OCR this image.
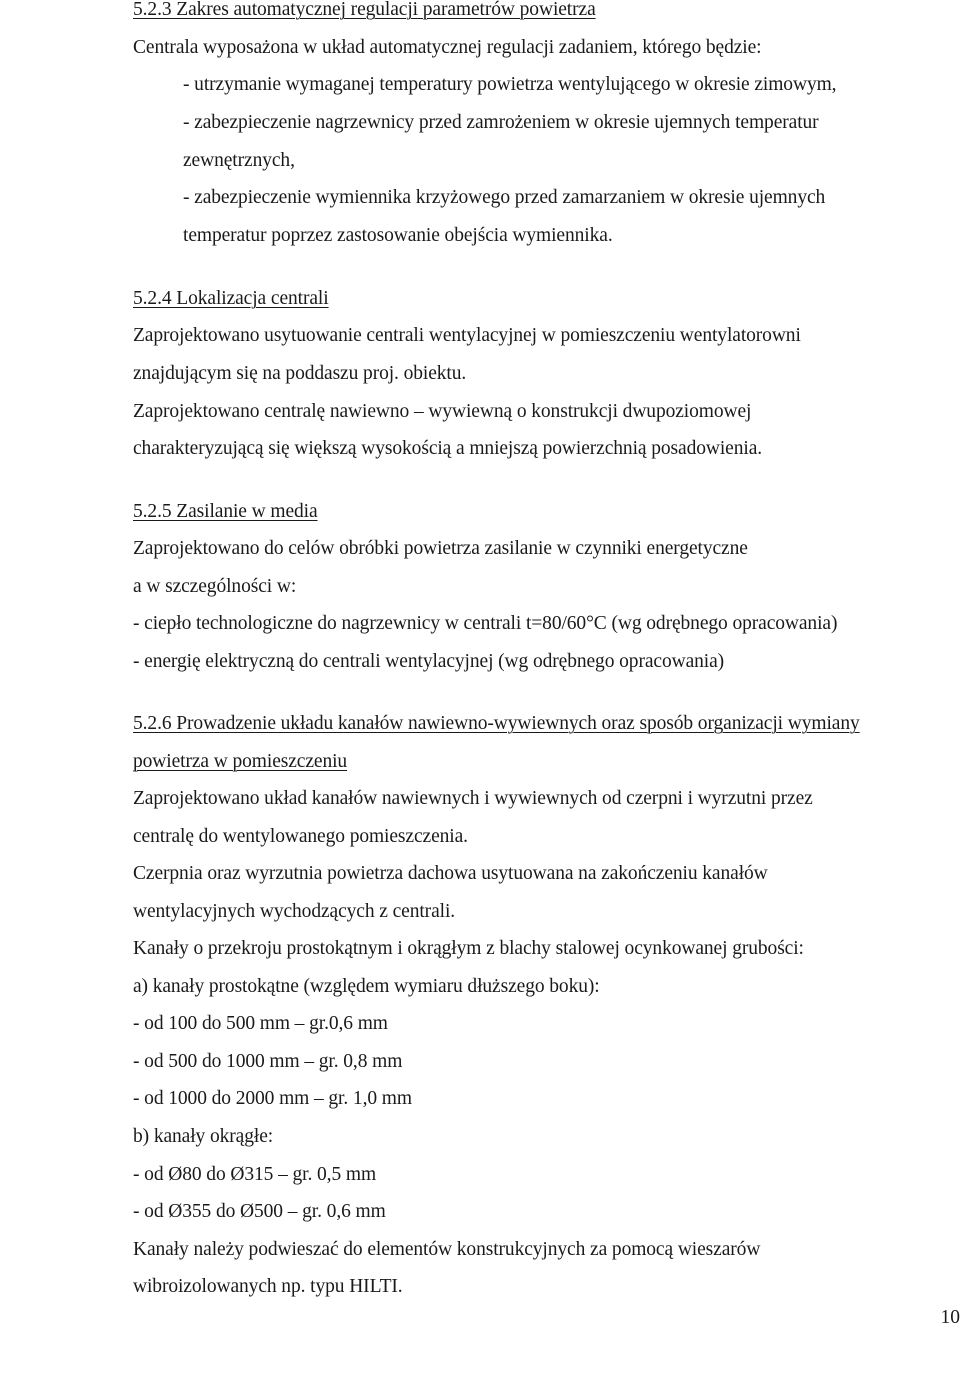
5.2.3 Zakres automatycznej regulacji parametrów powietrza
Centrala wyposażona w układ automatycznej regulacji zadaniem, którego będzie:
- utrzymanie wymaganej temperatury powietrza wentylującego w okresie zimowym,
- zabezpieczenie nagrzewnicy przed zamrożeniem w okresie ujemnych temperatur
zewnętrznych,
- zabezpieczenie wymiennika krzyżowego przed zamarzaniem w okresie ujemnych
temperatur poprzez zastosowanie obejścia wymiennika.
5.2.4 Lokalizacja centrali
Zaprojektowano usytuowanie centrali wentylacyjnej w pomieszczeniu wentylatorowni
znajdującym się na poddaszu proj. obiektu.
Zaprojektowano centralę nawiewno – wywiewną o konstrukcji dwupoziomowej
charakteryzującą się większą wysokością a mniejszą powierzchnią posadowienia.
5.2.5 Zasilanie w media
Zaprojektowano do celów obróbki powietrza zasilanie w czynniki energetyczne
a w szczególności w:
- ciepło technologiczne do nagrzewnicy w centrali t=80/60°C (wg odrębnego opracowania)
- energię elektryczną do centrali wentylacyjnej (wg odrębnego opracowania)
5.2.6 Prowadzenie układu kanałów nawiewno-wywiewnych oraz sposób organizacji wymiany
powietrza w pomieszczeniu
Zaprojektowano układ kanałów nawiewnych i wywiewnych od czerpni i wyrzutni przez
centralę do wentylowanego pomieszczenia.
Czerpnia oraz wyrzutnia powietrza dachowa usytuowana na zakończeniu kanałów
wentylacyjnych wychodzących z centrali.
Kanały o przekroju prostokątnym i okrągłym z blachy stalowej ocynkowanej grubości:
a) kanały prostokątne (względem wymiaru dłuższego boku):
- od 100 do 500 mm – gr.0,6 mm
- od 500 do 1000 mm – gr. 0,8 mm
- od 1000 do 2000 mm – gr. 1,0 mm
b) kanały okrągłe:
- od Ø80 do Ø315 – gr. 0,5 mm
- od Ø355 do Ø500 – gr. 0,6 mm
Kanały należy podwieszać do elementów konstrukcyjnych za pomocą wieszarów
wibroizolowanych np. typu HILTI.
10
